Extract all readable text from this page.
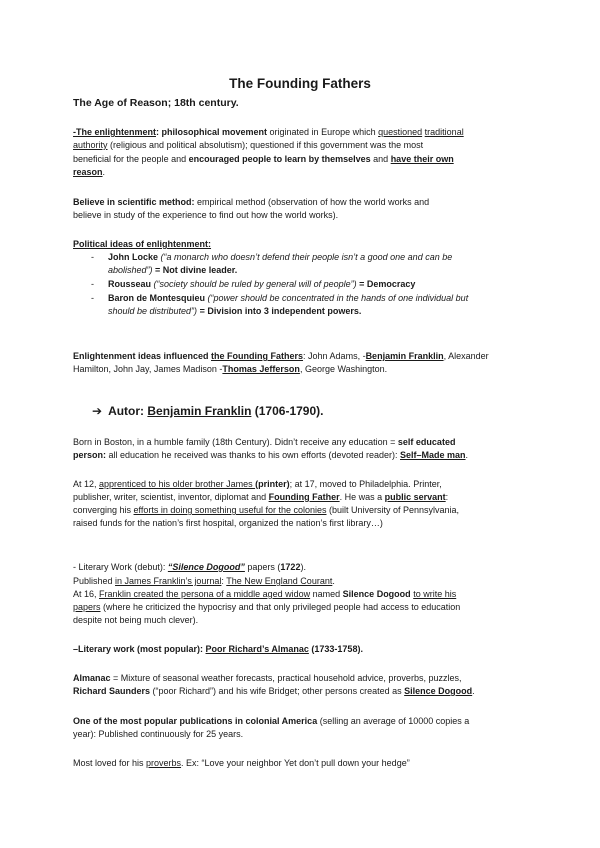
The Founding Fathers
The Age of Reason; 18th century.
-The enlightenment: philosophical movement originated in Europe which questioned traditional
authority (religious and political absolutism); questioned if this government was the most
beneficial for the people and encouraged people to learn by themselves and have their own
reason.
Believe in scientific method: empirical method (observation of how the world works and
believe in study of the experience to find out how the world works).
Political ideas of enlightenment:
- John Locke (“a monarch who doesn’t defend their people isn’t a good one and can be
abolished”) = Not divine leader.
- Rousseau (“society should be ruled by general will of people”) = Democracy
- Baron de Montesquieu (“power should be concentrated in the hands of one individual but
should be distributed”) = Division into 3 independent powers.
Enlightenment ideas influenced the Founding Fathers: John Adams, -Benjamin Franklin, Alexander
Hamilton, John Jay, James Madison -Thomas Jefferson, George Washington.
➔ Autor: Benjamin Franklin (1706-1790).
Born in Boston, in a humble family (18th Century). Didn’t receive any education = self educated
person: all education he received was thanks to his own efforts (devoted reader): Self–Made man.
At 12, apprenticed to his older brother James (printer); at 17, moved to Philadelphia. Printer,
publisher, writer, scientist, inventor, diplomat and Founding Father. He was a public servant:
converging his efforts in doing something useful for the colonies (built University of Pennsylvania,
raised funds for the nation’s first hospital, organized the nation’s first library…)
- Literary Work (debut): “Silence Dogood” papers (1722).
Published in James Franklin’s journal: The New England Courant.
At 16, Franklin created the persona of a middle aged widow named Silence Dogood to write his
papers (where he criticized the hypocrisy and that only privileged people had access to education
despite not being much clever).
–Literary work (most popular): Poor Richard’s Almanac (1733-1758).
Almanac = Mixture of seasonal weather forecasts, practical household advice, proverbs, puzzles,
Richard Saunders (“poor Richard”) and his wife Bridget; other persons created as Silence Dogood.
One of the most popular publications in colonial America (selling an average of 10000 copies a
year): Published continuously for 25 years.
Most loved for his proverbs. Ex: “Love your neighbor Yet don’t pull down your hedge”
